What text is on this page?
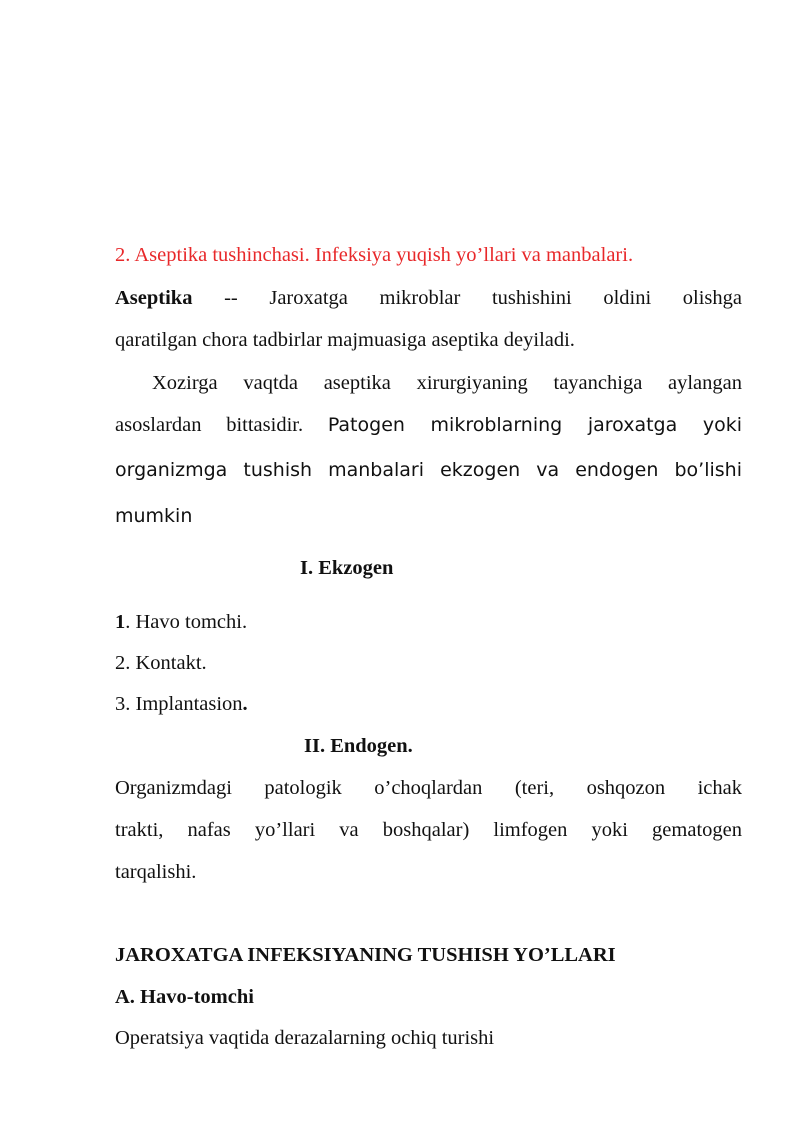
2. Aseptika tushinchasi. Infeksiya yuqish yo’llari va manbalari.
Aseptika -- Jaroxatga mikroblar tushishini oldini olishga
qaratilgan chora tadbirlar majmuasiga aseptika deyiladi.
Xozirga vaqtda aseptika xirurgiyaning tayanchiga aylangan
asoslardan bittasidir. Patogen mikroblarning jaroxatga yoki
organizmga tushish manbalari ekzogen va endogen bo’lishi
mumkin
I. Ekzogen
1. Havo tomchi.
2. Kontakt.
3. Implantasion.
II. Endogen.
Organizmdagi patologik o’choqlardan (teri, oshqozon ichak
trakti, nafas yo’llari va boshqalar) limfogen yoki gematogen
tarqalishi.
JAROXATGA INFEKSIYANING TUSHISH YO’LLARI
A. Havo-tomchi
Operatsiya vaqtida derazalarning ochiq turishi
